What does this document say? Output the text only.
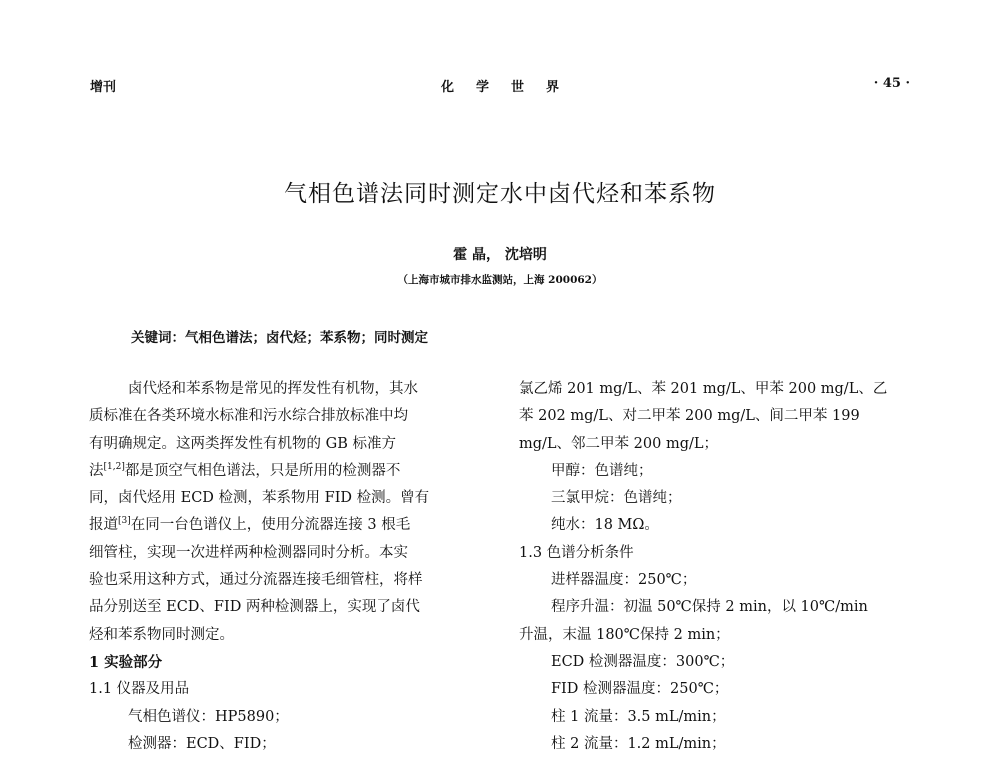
增刊	化学世界	· 45 ·
气相色谱法同时测定水中卤代烃和苯系物
霍 晶， 沈培明
（上海市城市排水监测站，上海 200062）
关键词：气相色谱法；卤代烃；苯系物；同时测定
卤代烃和苯系物是常见的挥发性有机物，其水
质标准在各类环境水标准和污水综合排放标准中均
有明确规定。这两类挥发性有机物的 GB 标准方
法[1,2]都是顶空气相色谱法，只是所用的检测器不
同，卤代烃用 ECD 检测，苯系物用 FID 检测。曾有
报道[3]在同一台色谱仪上，使用分流器连接 3 根毛
细管柱，实现一次进样两种检测器同时分析。本实
验也采用这种方式，通过分流器连接毛细管柱，将样
品分别送至 ECD、FID 两种检测器上，实现了卤代
烃和苯系物同时测定。
1 实验部分
1.1 仪器及用品
气相色谱仪：HP5890；
检测器：ECD、FID；
氯乙烯 201 mg/L、苯 201 mg/L、甲苯 200 mg/L、乙
苯 202 mg/L、对二甲苯 200 mg/L、间二甲苯 199
mg/L、邻二甲苯 200 mg/L；
甲醇：色谱纯；
三氯甲烷：色谱纯；
纯水：18 MΩ。
1.3 色谱分析条件
进样器温度：250℃；
程序升温：初温 50℃保持 2 min，以 10℃/min
升温，末温 180℃保持 2 min；
ECD 检测器温度：300℃；
FID 检测器温度：250℃；
柱 1 流量：3.5 mL/min；
柱 2 流量：1.2 mL/min；
